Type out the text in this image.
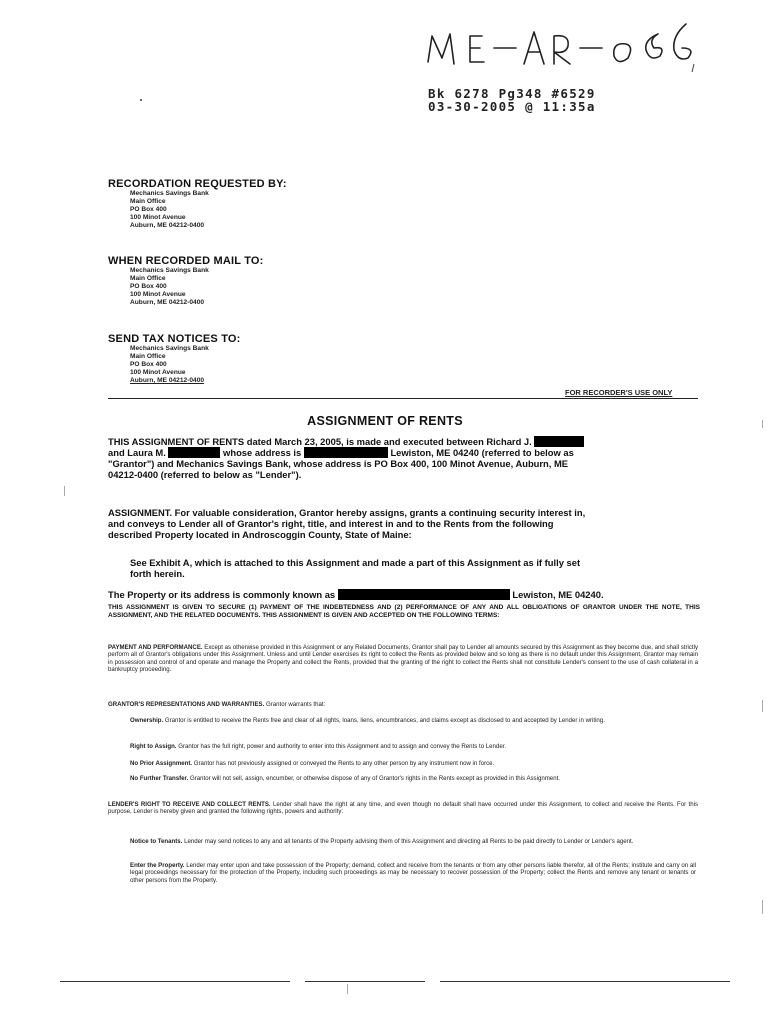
Bk 6278 Pg348 #6529
03-30-2005 @ 11:35a
RECORDATION REQUESTED BY:
Mechanics Savings Bank
Main Office
PO Box 400
100 Minot Avenue
Auburn, ME 04212-0400
WHEN RECORDED MAIL TO:
Mechanics Savings Bank
Main Office
PO Box 400
100 Minot Avenue
Auburn, ME 04212-0400
SEND TAX NOTICES TO:
Mechanics Savings Bank
Main Office
PO Box 400
100 Minot Avenue
Auburn, ME 04212-0400
FOR RECORDER'S USE ONLY
ASSIGNMENT OF RENTS
THIS ASSIGNMENT OF RENTS dated March 23, 2005, is made and executed between Richard J.
and Laura M.	whose address is	Lewiston, ME 04240 (referred to below as
"Grantor") and Mechanics Savings Bank, whose address is PO Box 400, 100 Minot Avenue, Auburn, ME
04212-0400 (referred to below as "Lender").
ASSIGNMENT. For valuable consideration, Grantor hereby assigns, grants a continuing security interest in,
and conveys to Lender all of Grantor's right, title, and interest in and to the Rents from the following
described Property located in Androscoggin County, State of Maine:
See Exhibit A, which is attached to this Assignment and made a part of this Assignment as if fully set
forth herein.
The Property or its address is commonly known as	Lewiston, ME 04240.
THIS ASSIGNMENT IS GIVEN TO SECURE (1) PAYMENT OF THE INDEBTEDNESS AND (2) PERFORMANCE OF ANY AND ALL OBLIGATIONS OF GRANTOR UNDER THE NOTE, THIS ASSIGNMENT, AND THE RELATED DOCUMENTS. THIS ASSIGNMENT IS GIVEN AND ACCEPTED ON THE FOLLOWING TERMS:
PAYMENT AND PERFORMANCE. Except as otherwise provided in this Assignment or any Related Documents, Grantor shall pay to Lender all amounts secured by this Assignment as they become due, and shall strictly perform all of Grantor's obligations under this Assignment. Unless and until Lender exercises its right to collect the Rents as provided below and so long as there is no default under this Assignment, Grantor may remain in possession and control of and operate and manage the Property and collect the Rents, provided that the granting of the right to collect the Rents shall not constitute Lender's consent to the use of cash collateral in a bankruptcy proceeding.
GRANTOR'S REPRESENTATIONS AND WARRANTIES. Grantor warrants that:
Ownership. Grantor is entitled to receive the Rents free and clear of all rights, loans, liens, encumbrances, and claims except as disclosed to and accepted by Lender in writing.
Right to Assign. Grantor has the full right, power and authority to enter into this Assignment and to assign and convey the Rents to Lender.
No Prior Assignment. Grantor has not previously assigned or conveyed the Rents to any other person by any instrument now in force.
No Further Transfer. Grantor will not sell, assign, encumber, or otherwise dispose of any of Grantor's rights in the Rents except as provided in this Assignment.
LENDER'S RIGHT TO RECEIVE AND COLLECT RENTS. Lender shall have the right at any time, and even though no default shall have occurred under this Assignment, to collect and receive the Rents. For this purpose, Lender is hereby given and granted the following rights, powers and authority:
Notice to Tenants. Lender may send notices to any and all tenants of the Property advising them of this Assignment and directing all Rents to be paid directly to Lender or Lender's agent.
Enter the Property. Lender may enter upon and take possession of the Property; demand, collect and receive from the tenants or from any other persons liable therefor, all of the Rents; institute and carry on all legal proceedings necessary for the protection of the Property, including such proceedings as may be necessary to recover possession of the Property; collect the Rents and remove any tenant or tenants or other persons from the Property.
